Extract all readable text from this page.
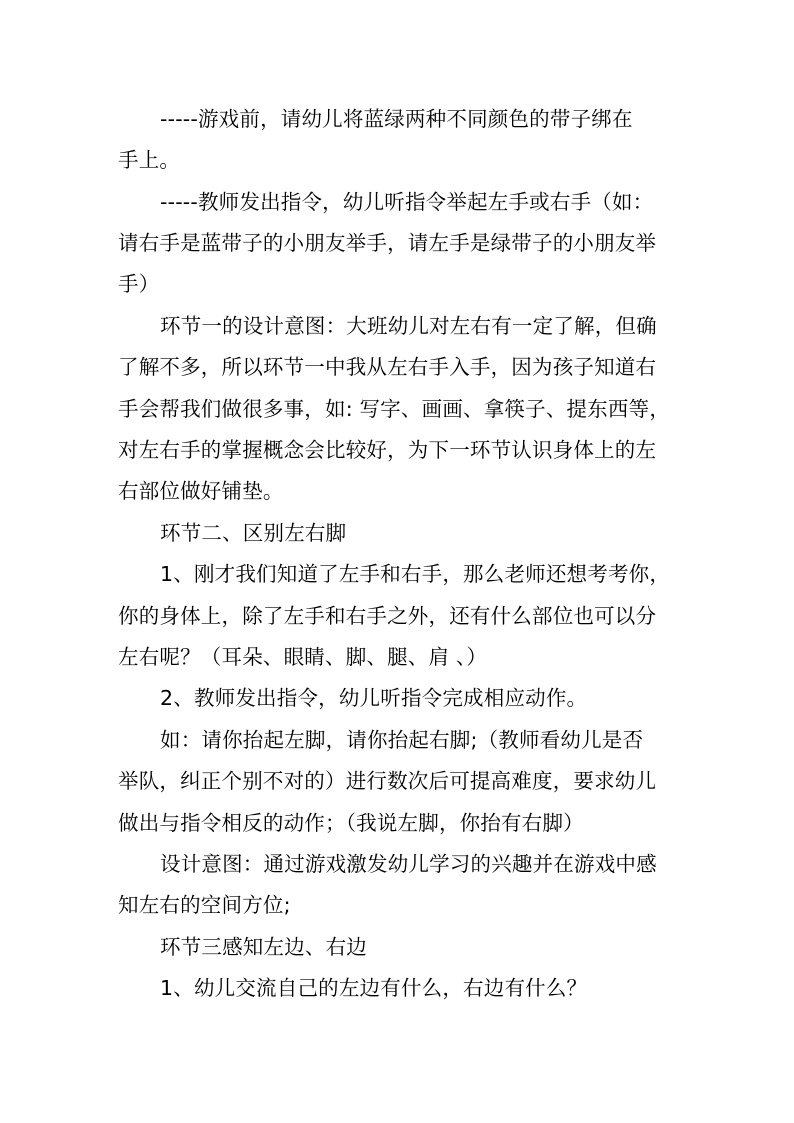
-----游戏前，请幼儿将蓝绿两种不同颜色的带子绑在
手上。
-----教师发出指令，幼儿听指令举起左手或右手（如：
请右手是蓝带子的小朋友举手，请左手是绿带子的小朋友举
手）
环节一的设计意图：大班幼儿对左右有一定了解，但确
了解不多，所以环节一中我从左右手入手，因为孩子知道右
手会帮我们做很多事，如: 写字、画画、拿筷子、提东西等，
对左右手的掌握概念会比较好，为下一环节认识身体上的左
右部位做好铺垫。
环节二、区别左右脚
1、刚才我们知道了左手和右手，那么老师还想考考你，
你的身体上，除了左手和右手之外，还有什么部位也可以分
左右呢？（耳朵、眼睛、脚、腿、肩 、）
2、教师发出指令，幼儿听指令完成相应动作。
如：请你抬起左脚，请你抬起右脚;（教师看幼儿是否
举队，纠正个别不对的）进行数次后可提高难度，要求幼儿
做出与指令相反的动作；（我说左脚，你抬有右脚）
设计意图：通过游戏激发幼儿学习的兴趣并在游戏中感
知左右的空间方位;
环节三感知左边、右边
1、幼儿交流自己的左边有什么，右边有什么？
